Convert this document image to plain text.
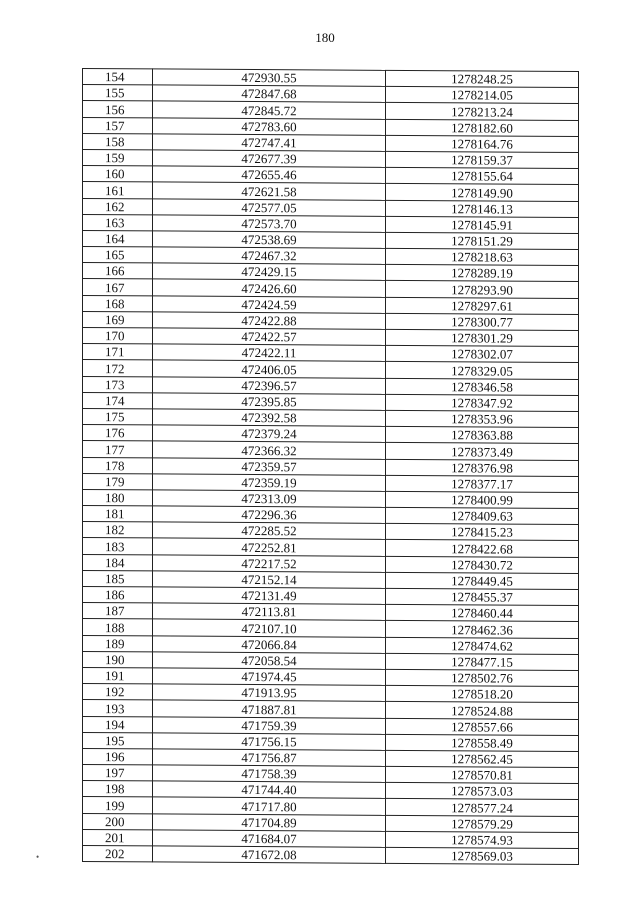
180
154	472930.55	1278248.25
155	472847.68	1278214.05
156	472845.72	1278213.24
157	472783.60	1278182.60
158	472747.41	1278164.76
159	472677.39	1278159.37
160	472655.46	1278155.64
161	472621.58	1278149.90
162	472577.05	1278146.13
163	472573.70	1278145.91
164	472538.69	1278151.29
165	472467.32	1278218.63
166	472429.15	1278289.19
167	472426.60	1278293.90
168	472424.59	1278297.61
169	472422.88	1278300.77
170	472422.57	1278301.29
171	472422.11	1278302.07
172	472406.05	1278329.05
173	472396.57	1278346.58
174	472395.85	1278347.92
175	472392.58	1278353.96
176	472379.24	1278363.88
177	472366.32	1278373.49
178	472359.57	1278376.98
179	472359.19	1278377.17
180	472313.09	1278400.99
181	472296.36	1278409.63
182	472285.52	1278415.23
183	472252.81	1278422.68
184	472217.52	1278430.72
185	472152.14	1278449.45
186	472131.49	1278455.37
187	472113.81	1278460.44
188	472107.10	1278462.36
189	472066.84	1278474.62
190	472058.54	1278477.15
191	471974.45	1278502.76
192	471913.95	1278518.20
193	471887.81	1278524.88
194	471759.39	1278557.66
195	471756.15	1278558.49
196	471756.87	1278562.45
197	471758.39	1278570.81
198	471744.40	1278573.03
199	471717.80	1278577.24
200	471704.89	1278579.29
201	471684.07	1278574.93
202	471672.08	1278569.03
•
